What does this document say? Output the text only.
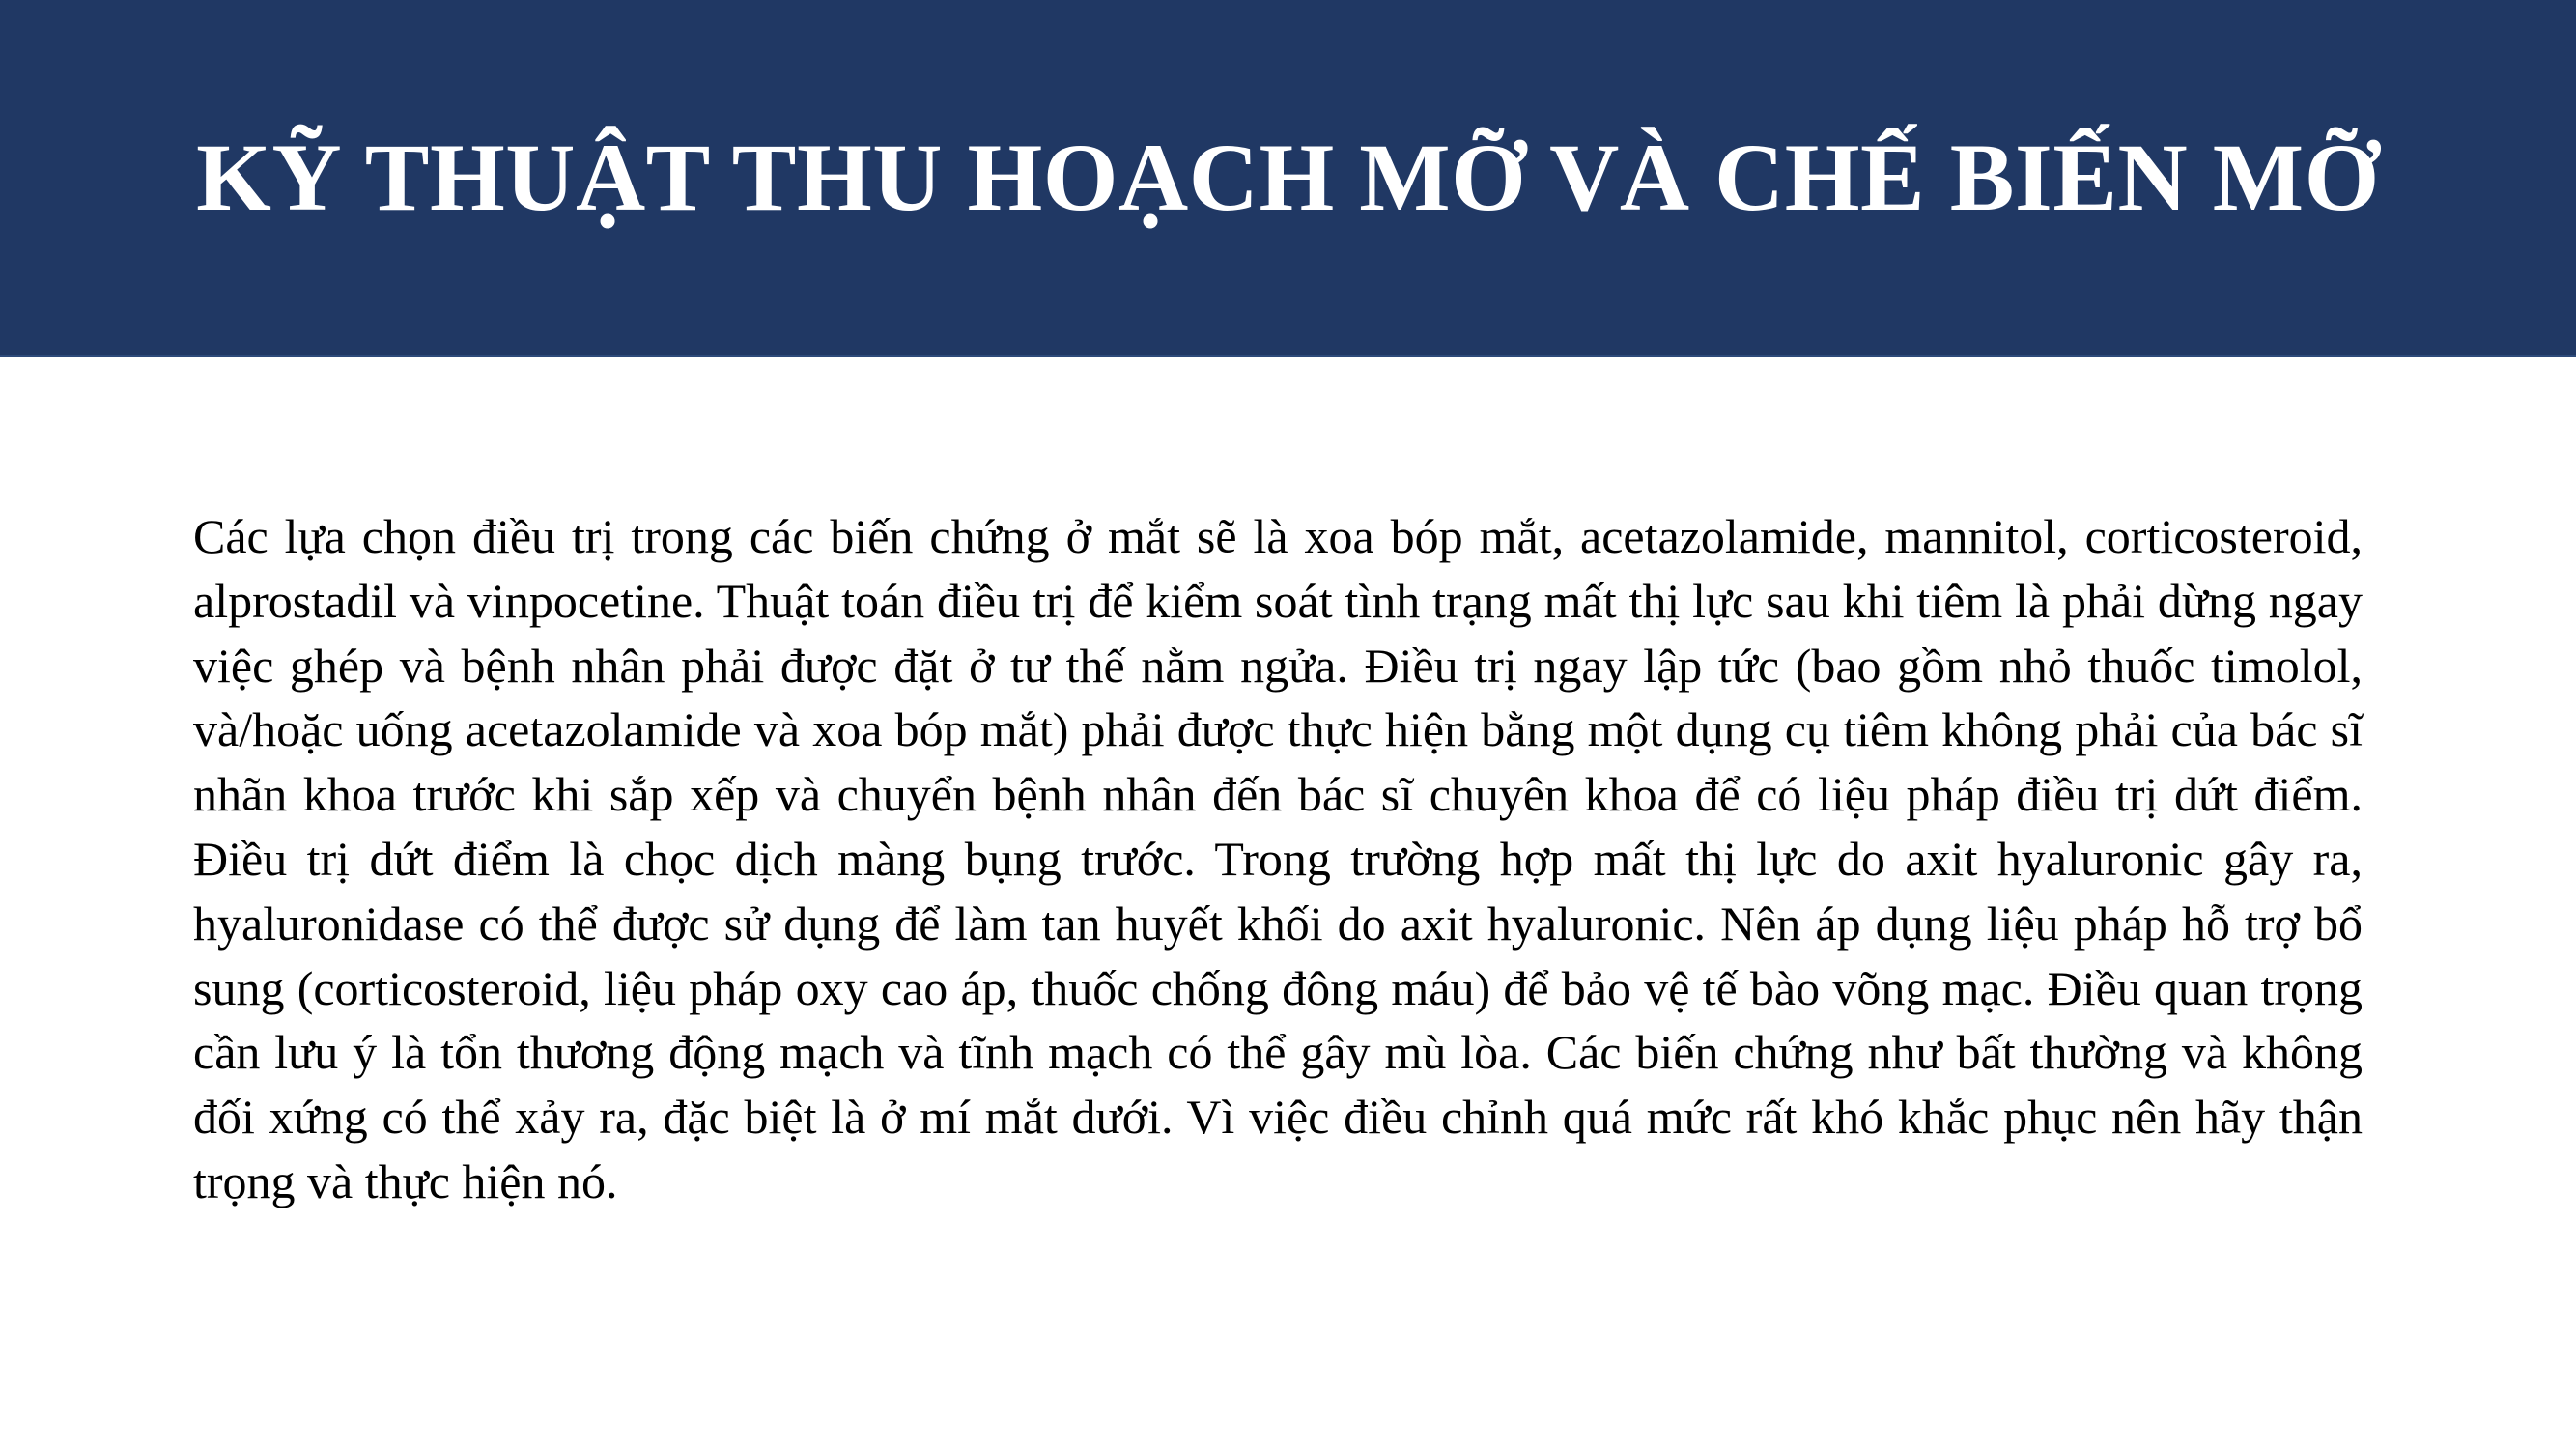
KỸ THUẬT THU HOẠCH MỠ VÀ CHẾ BIẾN MỠ

Các lựa chọn điều trị trong các biến chứng ở mắt sẽ là xoa bóp mắt, acetazolamide, mannitol, corticosteroid, alprostadil và vinpocetine. Thuật toán điều trị để kiểm soát tình trạng mất thị lực sau khi tiêm là phải dừng ngay việc ghép và bệnh nhân phải được đặt ở tư thế nằm ngửa. Điều trị ngay lập tức (bao gồm nhỏ thuốc timolol, và/hoặc uống acetazolamide và xoa bóp mắt) phải được thực hiện bằng một dụng cụ tiêm không phải của bác sĩ nhãn khoa trước khi sắp xếp và chuyển bệnh nhân đến bác sĩ chuyên khoa để có liệu pháp điều trị dứt điểm. Điều trị dứt điểm là chọc dịch màng bụng trước. Trong trường hợp mất thị lực do axit hyaluronic gây ra, hyaluronidase có thể được sử dụng để làm tan huyết khối do axit hyaluronic. Nên áp dụng liệu pháp hỗ trợ bổ sung (corticosteroid, liệu pháp oxy cao áp, thuốc chống đông máu) để bảo vệ tế bào võng mạc. Điều quan trọng cần lưu ý là tổn thương động mạch và tĩnh mạch có thể gây mù lòa. Các biến chứng như bất thường và không đối xứng có thể xảy ra, đặc biệt là ở mí mắt dưới. Vì việc điều chỉnh quá mức rất khó khắc phục nên hãy thận trọng và thực hiện nó.
